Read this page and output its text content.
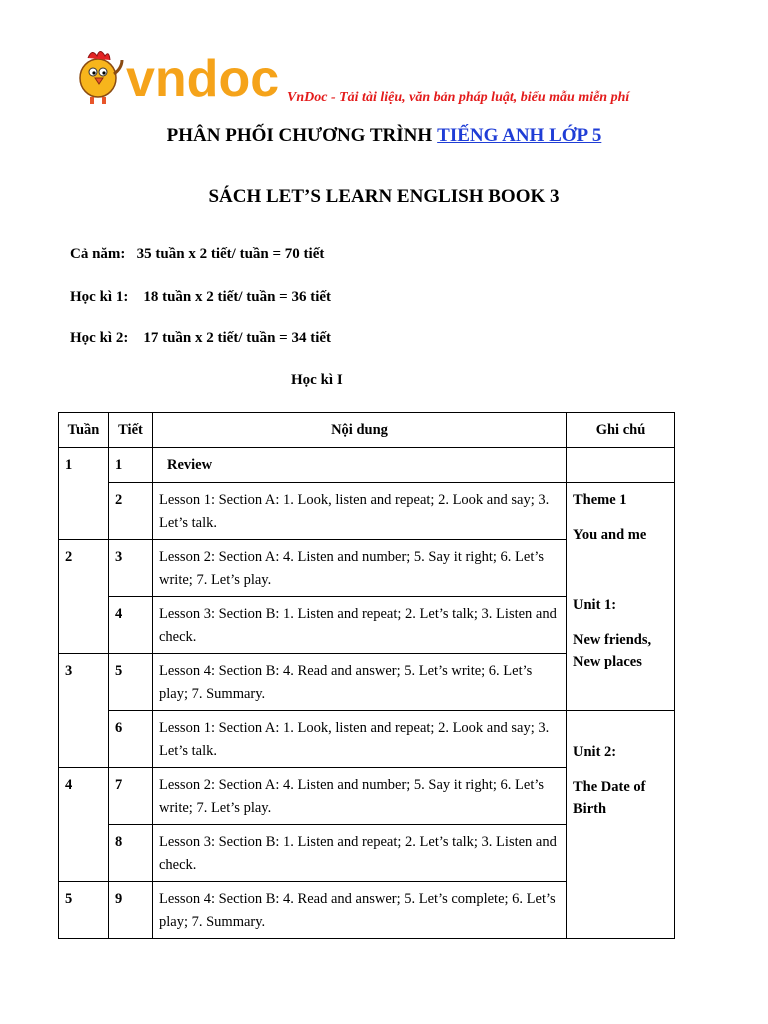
vndoc VnDoc - Tải tài liệu, văn bản pháp luật, biểu mẫu miễn phí
PHÂN PHỐI CHƯƠNG TRÌNH TIẾNG ANH LỚP 5
SÁCH LET’S LEARN ENGLISH BOOK 3
Cả năm:   35 tuần x 2 tiết/ tuần = 70 tiết
Học kì 1:    18 tuần x 2 tiết/ tuần = 36 tiết
Học kì 2:    17 tuần x 2 tiết/ tuần = 34 tiết
Học kì I
Tuần	Tiết	Nội dung	Ghi chú
1	1	Review	
	2	Lesson 1: Section A: 1. Look, listen and repeat; 2. Look and say; 3. Let’s talk.	Theme 1
You and me
Unit 1:
New friends, New places

2	3	Lesson 2: Section A: 4. Listen and number; 5. Say it right; 6. Let’s write; 7. Let’s play.	
	4	Lesson 3: Section B: 1. Listen and repeat; 2. Let’s talk; 3. Listen and check.	
3	5	Lesson 4: Section B: 4. Read and answer; 5. Let’s write; 6. Let’s play; 7. Summary.	
	6	Lesson 1: Section A: 1. Look, listen and repeat; 2. Look and say; 3. Let’s talk.	Unit 2:
The Date of Birth

4	7	Lesson 2: Section A: 4. Listen and number; 5. Say it right; 6. Let’s write; 7. Let’s play.	
	8	Lesson 3: Section B: 1. Listen and repeat; 2. Let’s talk; 3. Listen and check.	
5	9	Lesson 4: Section B: 4. Read and answer; 5. Let’s complete; 6. Let’s play; 7. Summary.	
